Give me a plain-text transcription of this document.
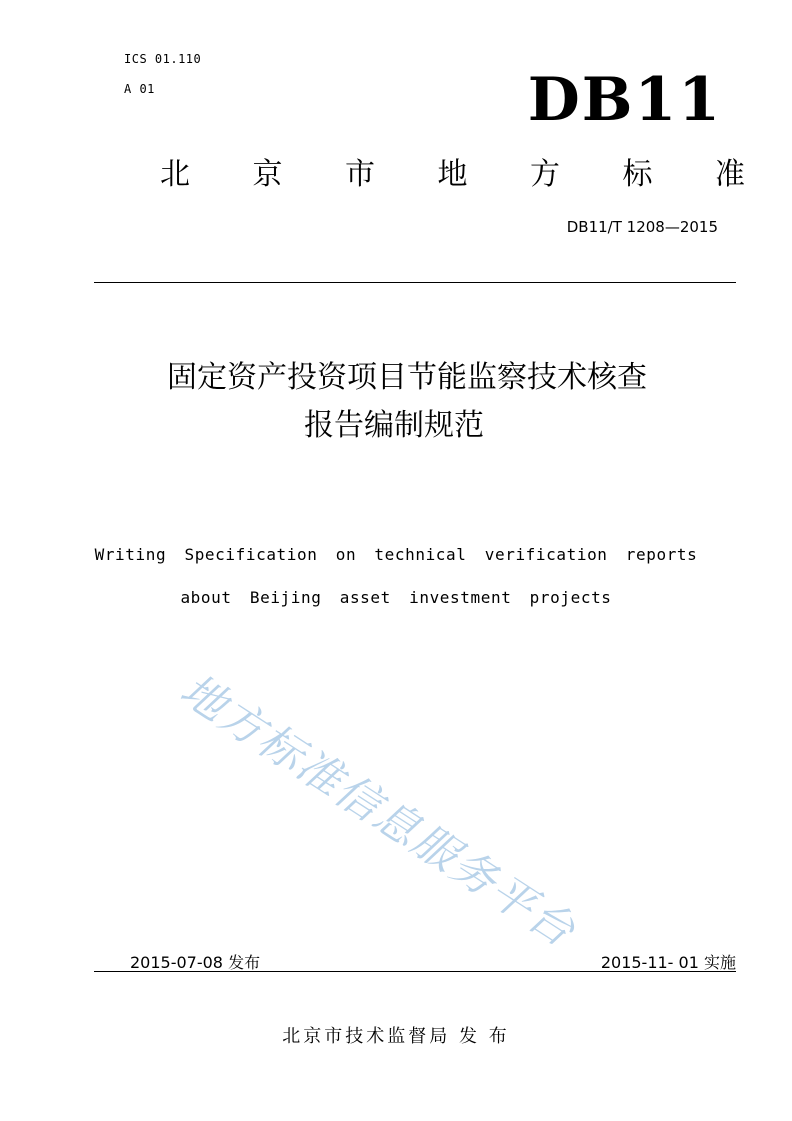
ICS 01.110
A 01	DB11
北 京 市 地 方 标 准
DB11/T 1208—2015
固定资产投资项目节能监察技术核查
报告编制规范
Writing Specification on technical verification reports
about Beijing asset investment projects
地方标准信息服务平台
2015-07-08 发布	2015-11- 01 实施
北京市技术监督局 发 布
